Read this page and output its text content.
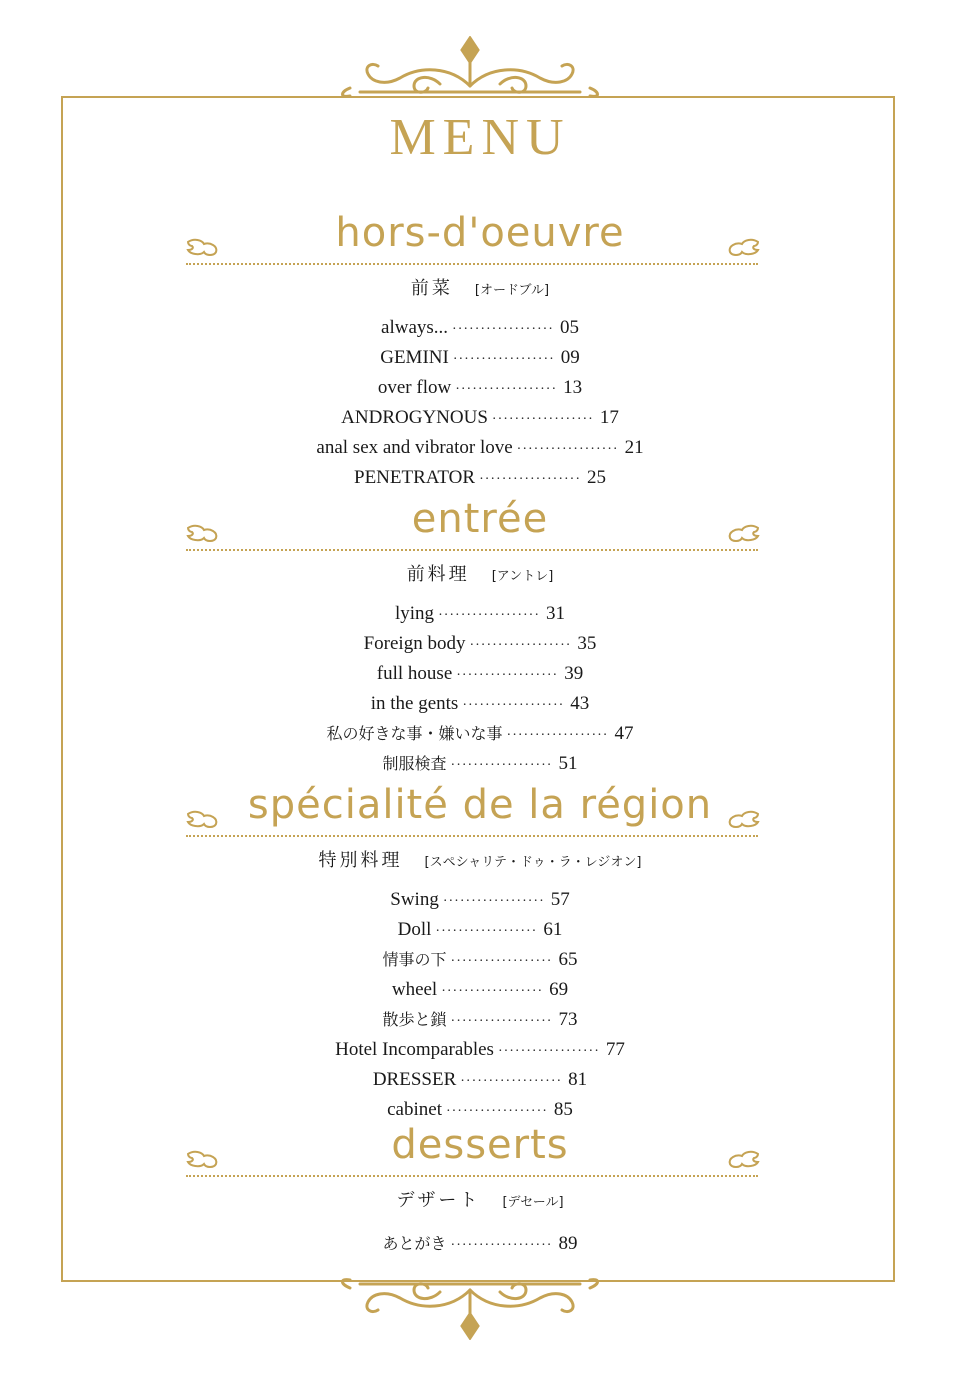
MENU
hors-d'oeuvre
前菜 [オードブル]
always... ·················· 05
GEMINI ·················· 09
over flow ·················· 13
ANDROGYNOUS ·················· 17
anal sex and vibrator love ·················· 21
PENETRATOR ·················· 25
entrée
前料理 [アントレ]
lying ·················· 31
Foreign body ·················· 35
full house ·················· 39
in the gents ·················· 43
私の好きな事・嫌いな事 ·················· 47
制服検査 ·················· 51
spécialité de la région
特別料理 [スペシャリテ・ドゥ・ラ・レジオン]
Swing ·················· 57
Doll ·················· 61
情事の下 ·················· 65
wheel ·················· 69
散歩と鎖 ·················· 73
Hotel Incomparables ·················· 77
DRESSER ·················· 81
cabinet ·················· 85
desserts
デザート [デセール]
あとがき ·················· 89
